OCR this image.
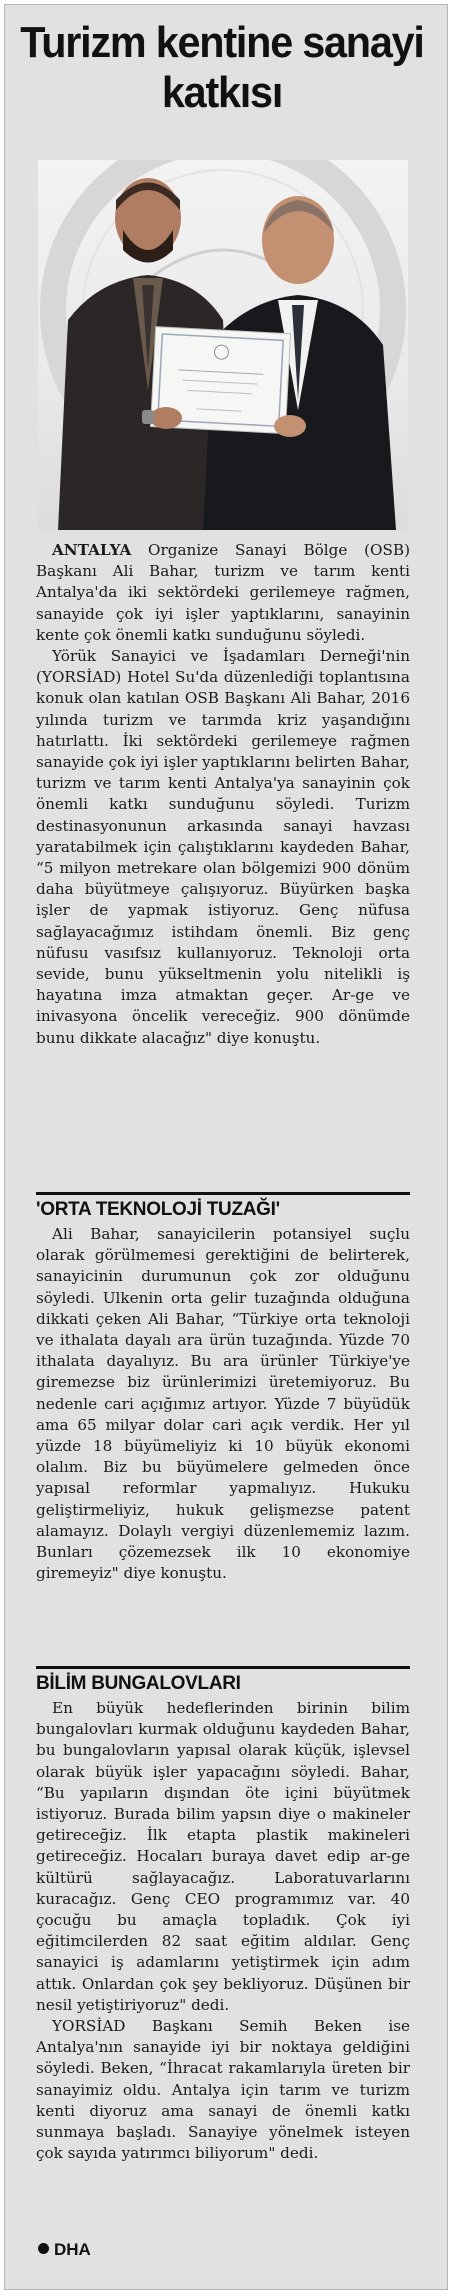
Turizm kentine sanayi katkısı

ANTALYA Organize Sanayi Bölge (OSB) Başkanı Ali Bahar, turizm ve tarım kenti Antalya'da iki sektördeki gerilemeye rağmen, sanayide çok iyi işler yaptıklarını, sanayinin kente çok önemli katkı sunduğunu söyledi.

Yörük Sanayici ve İşadamları Derneği'nin (YORSİAD) Hotel Su'da düzenlediği toplantısına konuk olan katılan OSB Başkanı Ali Bahar, 2016 yılında turizm ve tarımda kriz yaşandığını hatırlattı. İki sektördeki gerilemeye rağmen sanayide çok iyi işler yaptıklarını belirten Bahar, turizm ve tarım kenti Antalya'ya sanayinin çok önemli katkı sunduğunu söyledi. Turizm destinasyonunun arkasında sanayi havzası yaratabilmek için çalıştıklarını kaydeden Bahar, “5 milyon metrekare olan bölgemizi 900 dönüm daha büyütmeye çalışıyoruz. Büyürken başka işler de yapmak istiyoruz. Genç nüfusa sağlayacağımız istihdam önemli. Biz genç nüfusu vasıfsız kullanıyoruz. Teknoloji orta sevide, bunu yükseltmenin yolu nitelikli iş hayatına imza atmaktan geçer. Ar-ge ve inivasyona öncelik vereceğiz. 900 dönümde bunu dikkate alacağız" diye konuştu.

'ORTA TEKNOLOJİ TUZAĞI'

Ali Bahar, sanayicilerin potansiyel suçlu olarak görülmemesi gerektiğini de belirterek, sanayicinin durumunun çok zor olduğunu söyledi. Ulkenin orta gelir tuzağında olduğuna dikkati çeken Ali Bahar, “Türkiye orta teknoloji ve ithalata dayalı ara ürün tuzağında. Yüzde 70 ithalata dayalıyız. Bu ara ürünler Türkiye'ye giremezse biz ürünlerimizi üretemiyoruz. Bu nedenle cari açığımız artıyor. Yüzde 7 büyüdük ama 65 milyar dolar cari açık verdik. Her yıl yüzde 18 büyümeliyiz ki 10 büyük ekonomi olalım. Biz bu büyümelere gelmeden önce yapısal reformlar yapmalıyız. Hukuku geliştirmeliyiz, hukuk gelişmezse patent alamayız. Dolaylı vergiyi düzenlememiz lazım. Bunları çözemezsek ilk 10 ekonomiye giremeyiz" diye konuştu.

BİLİM BUNGALOVLARI

En büyük hedeflerinden birinin bilim bungalovları kurmak olduğunu kaydeden Bahar, bu bungalovların yapısal olarak küçük, işlevsel olarak büyük işler yapacağını söyledi. Bahar, “Bu yapıların dışından öte içini büyütmek istiyoruz. Burada bilim yapsın diye o makineler getireceğiz. İlk etapta plastik makineleri getireceğiz. Hocaları buraya davet edip ar-ge kültürü sağlayacağız. Laboratuvarlarını kuracağız. Genç CEO programımız var. 40 çocuğu bu amaçla topladık. Çok iyi eğitimcilerden 82 saat eğitim aldılar. Genç sanayici iş adamlarını yetiştirmek için adım attık. Onlardan çok şey bekliyoruz. Düşünen bir nesil yetiştiriyoruz" dedi.

YORSİAD Başkanı Semih Beken ise Antalya'nın sanayide iyi bir noktaya geldiğini söyledi. Beken, “İhracat rakamlarıyla üreten bir sanayimiz oldu. Antalya için tarım ve turizm kenti diyoruz ama sanayi de önemli katkı sunmaya başladı. Sanayiye yönelmek isteyen çok sayıda yatırımcı biliyorum" dedi.

DHA
